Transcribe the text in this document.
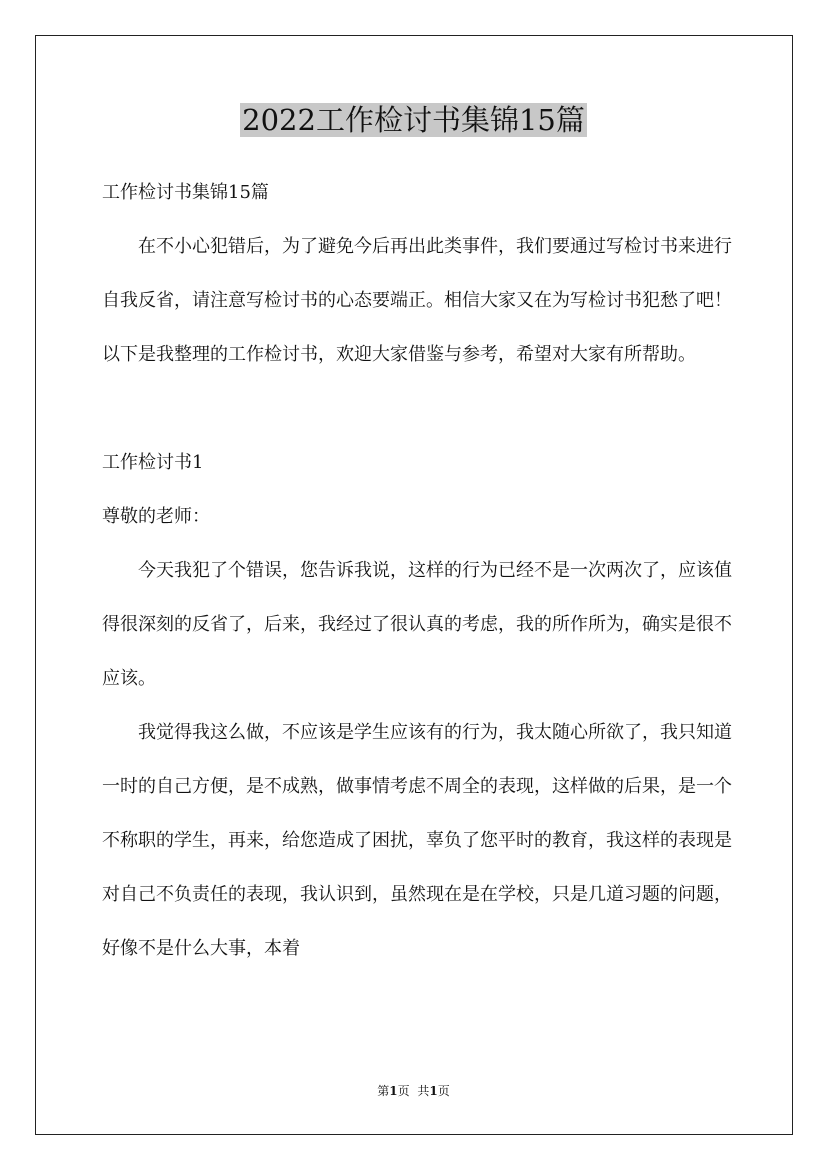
2022工作检讨书集锦15篇

工作检讨书集锦15篇

在不小心犯错后，为了避免今后再出此类事件，我们要通过写检讨书来进行自我反省，请注意写检讨书的心态要端正。相信大家又在为写检讨书犯愁了吧！以下是我整理的工作检讨书，欢迎大家借鉴与参考，希望对大家有所帮助。

工作检讨书1

尊敬的老师：

今天我犯了个错误，您告诉我说，这样的行为已经不是一次两次了，应该值得很深刻的反省了，后来，我经过了很认真的考虑，我的所作所为，确实是很不应该。

我觉得我这么做，不应该是学生应该有的行为，我太随心所欲了，我只知道一时的自己方便，是不成熟，做事情考虑不周全的表现，这样做的后果，是一个不称职的学生，再来，给您造成了困扰，辜负了您平时的教育，我这样的表现是对自己不负责任的表现，我认识到，虽然现在是在学校，只是几道习题的问题，好像不是什么大事，本着

第1页 共1页
